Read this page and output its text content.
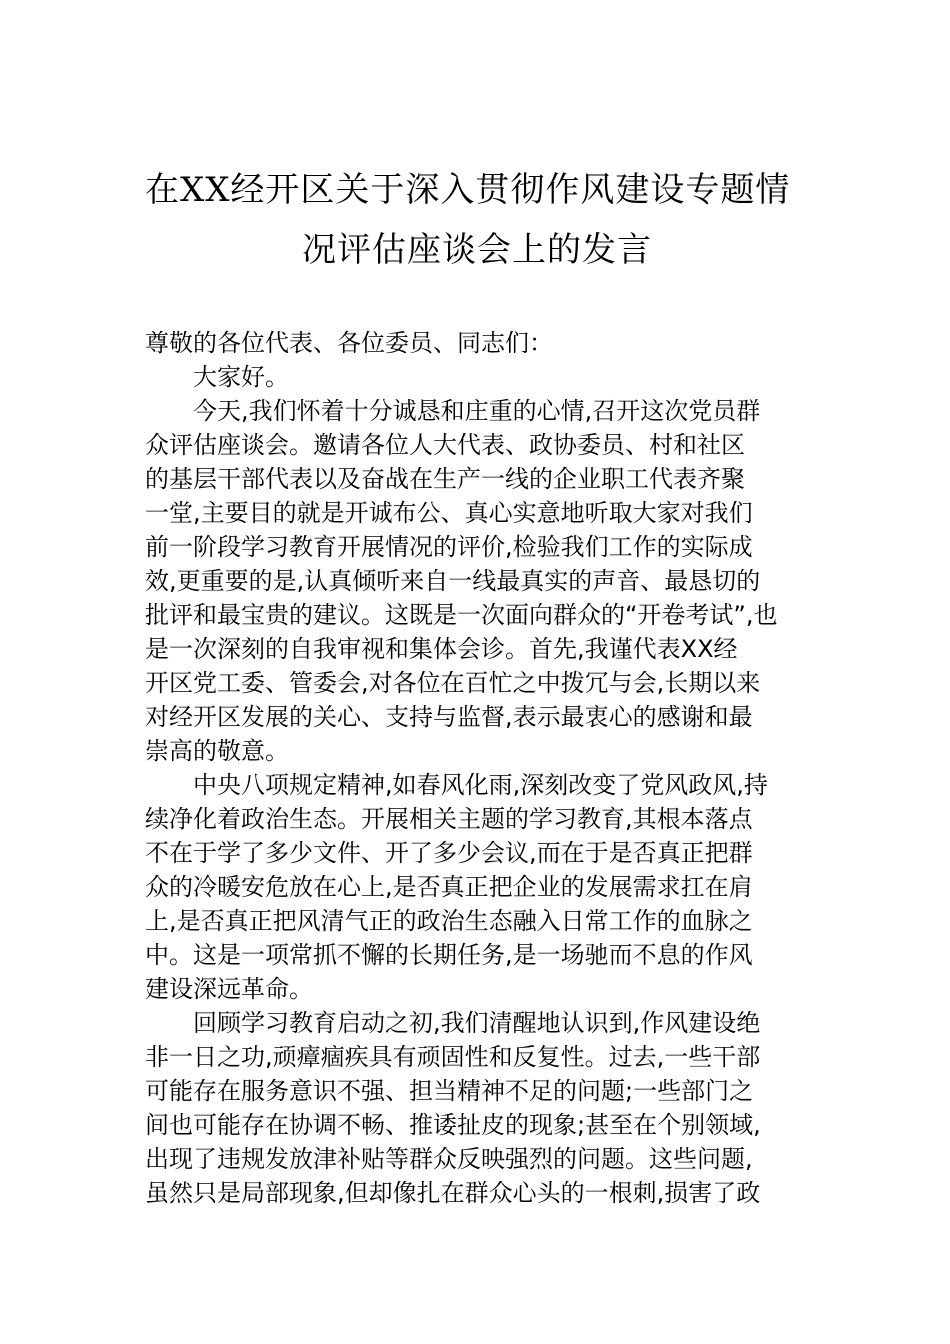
在XX经开区关于深入贯彻作风建设专题情
况评估座谈会上的发言
尊敬的各位代表、各位委员、同志们：
大家好。
今天,我们怀着十分诚恳和庄重的心情,召开这次党员群
众评估座谈会。邀请各位人大代表、政协委员、村和社区
的基层干部代表以及奋战在生产一线的企业职工代表齐聚
一堂,主要目的就是开诚布公、真心实意地听取大家对我们
前一阶段学习教育开展情况的评价,检验我们工作的实际成
效,更重要的是,认真倾听来自一线最真实的声音、最恳切的
批评和最宝贵的建议。这既是一次面向群众的“开卷考试”,也
是一次深刻的自我审视和集体会诊。首先,我谨代表XX经
开区党工委、管委会,对各位在百忙之中拨冗与会,长期以来
对经开区发展的关心、支持与监督,表示最衷心的感谢和最
崇高的敬意。
中央八项规定精神,如春风化雨,深刻改变了党风政风,持
续净化着政治生态。开展相关主题的学习教育,其根本落点
不在于学了多少文件、开了多少会议,而在于是否真正把群
众的冷暖安危放在心上,是否真正把企业的发展需求扛在肩
上,是否真正把风清气正的政治生态融入日常工作的血脉之
中。这是一项常抓不懈的长期任务,是一场驰而不息的作风
建设深远革命。
回顾学习教育启动之初,我们清醒地认识到,作风建设绝
非一日之功,顽瘴痼疾具有顽固性和反复性。过去,一些干部
可能存在服务意识不强、担当精神不足的问题;一些部门之
间也可能存在协调不畅、推诿扯皮的现象;甚至在个别领域,
出现了违规发放津补贴等群众反映强烈的问题。这些问题,
虽然只是局部现象,但却像扎在群众心头的一根刺,损害了政
